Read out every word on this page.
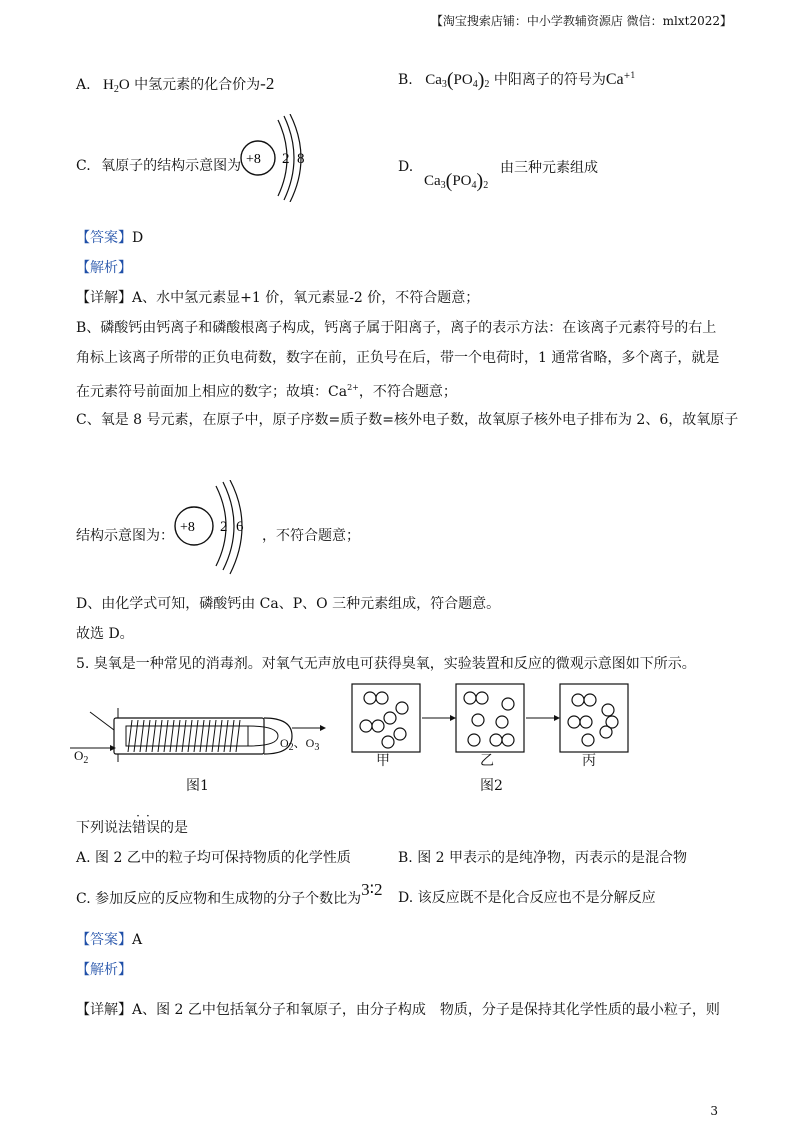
【淘宝搜索店铺：中小学教辅资源店 微信：mlxt2022】
A. $H_2O$ 中氢元素的化合价为-2	B. $Ca_3(PO_4)_2$ 中阳离子的符号为$Ca^{+1}$
C. 氧原子的结构示意图为 +8 2 8	D.
$Ca_3(PO_4)_2$
由三种元素组成
【答案】D
【解析】
【详解】A、水中氢元素显+1 价，氧元素显-2 价，不符合题意；
B、磷酸钙由钙离子和磷酸根离子构成，钙离子属于阳离子，离子的表示方法：在该离子元素符号的右上
角标上该离子所带的正负电荷数，数字在前，正负号在后，带一个电荷时，1 通常省略，多个离子，就是
在元素符号前面加上相应的数字；故填：$Ca^{2+}$，不符合题意；
C、氧是 8 号元素，在原子中，原子序数=质子数=核外电子数，故氧原子核外电子排布为 2、6，故氧原子
结构示意图为：
+8 2 6
，不符合题意；
D、由化学式可知，磷酸钙由 Ca、P、O 三种元素组成，符合题意。
故选 D。
5. 臭氧是一种常见的消毒剂。对氧气无声放电可获得臭氧，实验装置和反应的微观示意图如下所示。
$O_2$
$O_2$、$O_3$
图1
甲	乙	丙
图2
下列说法
··
错误的是
A. 图 2 乙中的粒子均可保持物质的化学性质	B. 图 2 甲表示的是纯净物，丙表示的是混合物
C. 参加反应的反应物和生成物的分子个数比为3∶2 D. 该反应既不是化合反应也不是分解反应
【答案】A
【解析】
【详解】A、图 2 乙中包括氧分子和氧原子，由分子构成　物质，分子是保持其化学性质的最小粒子，则
3
